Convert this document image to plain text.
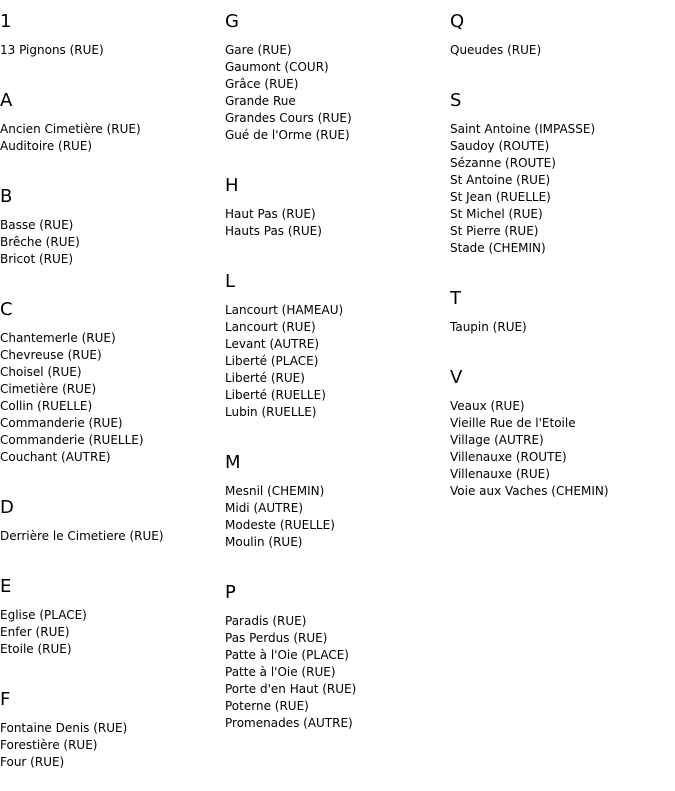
1
13 Pignons (RUE)
A
Ancien Cimetière (RUE)
Auditoire (RUE)
B
Basse (RUE)
Brêche (RUE)
Bricot (RUE)
C
Chantemerle (RUE)
Chevreuse (RUE)
Choisel (RUE)
Cimetière (RUE)
Collin (RUELLE)
Commanderie (RUE)
Commanderie (RUELLE)
Couchant (AUTRE)
D
Derrière le Cimetiere (RUE)
E
Eglise (PLACE)
Enfer (RUE)
Etoile (RUE)
F
Fontaine Denis (RUE)
Forestière (RUE)
Four (RUE)
G
Gare (RUE)
Gaumont (COUR)
Grâce (RUE)
Grande Rue
Grandes Cours (RUE)
Gué de l'Orme (RUE)
H
Haut Pas (RUE)
Hauts Pas (RUE)
L
Lancourt (HAMEAU)
Lancourt (RUE)
Levant (AUTRE)
Liberté (PLACE)
Liberté (RUE)
Liberté (RUELLE)
Lubin (RUELLE)
M
Mesnil (CHEMIN)
Midi (AUTRE)
Modeste (RUELLE)
Moulin (RUE)
P
Paradis (RUE)
Pas Perdus (RUE)
Patte à l'Oie (PLACE)
Patte à l'Oie (RUE)
Porte d'en Haut (RUE)
Poterne (RUE)
Promenades (AUTRE)
Q
Queudes (RUE)
S
Saint Antoine (IMPASSE)
Saudoy (ROUTE)
Sézanne (ROUTE)
St Antoine (RUE)
St Jean (RUELLE)
St Michel (RUE)
St Pierre (RUE)
Stade (CHEMIN)
T
Taupin (RUE)
V
Veaux (RUE)
Vieille Rue de l'Etoile
Village (AUTRE)
Villenauxe (ROUTE)
Villenauxe (RUE)
Voie aux Vaches (CHEMIN)
